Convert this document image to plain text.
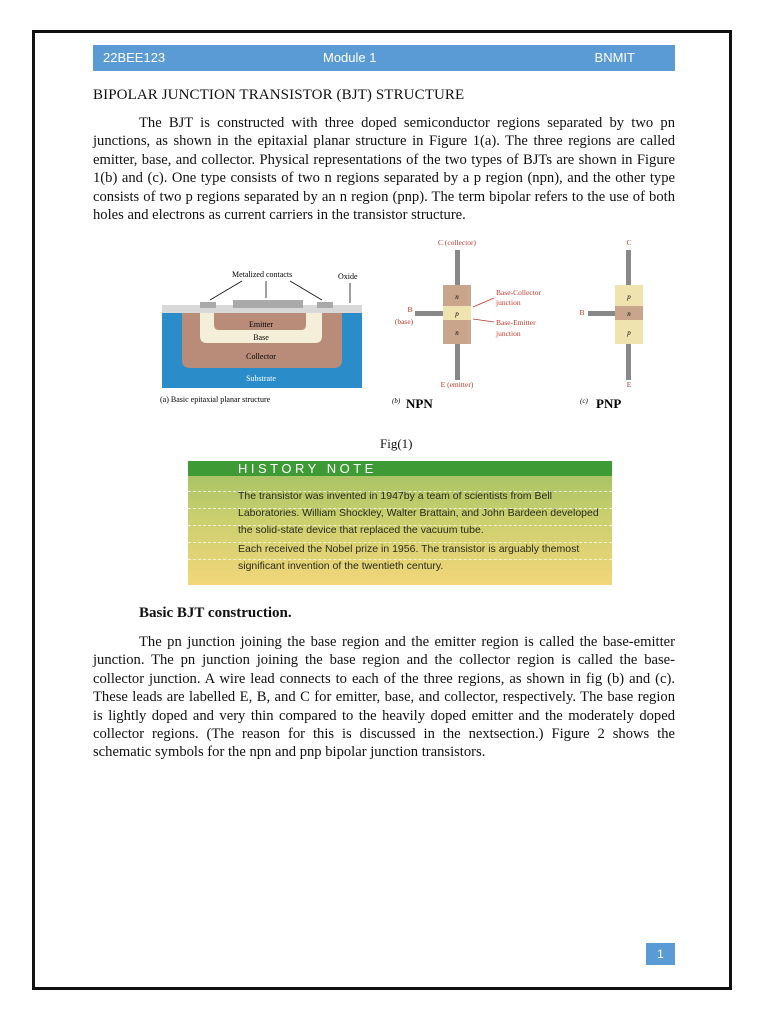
22BEE123	Module 1	BNMIT
BIPOLAR JUNCTION TRANSISTOR (BJT) STRUCTURE

The BJT is constructed with three doped semiconductor regions separated by two pn junctions, as shown in the epitaxial planar structure in Figure 1(a). The three regions are called emitter, base, and collector. Physical representations of the two types of BJTs are shown in Figure 1(b) and (c). One type consists of two n regions separated by a p region (npn), and the other type consists of two p regions separated by an n region (pnp). The term bipolar refers to the use of both holes and electrons as current carriers in the transistor structure.

Metalized contacts	Oxide
Emitter
Base
Collector
Substrate
(a) Basic epitaxial planar structure
n
p
n
C (collector)
E (emitter)
B
(base)
Base-Collector
junction
Base-Emitter
junction
(b) NPN
p
n
p
C
E
B
(c) PNP
Fig(1)
HISTORY NOTE

The transistor was invented in 1947by a team of scientists from Bell Laboratories. William Shockley, Walter Brattain, and John Bardeen developed the solid-state device that replaced the vacuum tube.

Each received the Nobel prize in 1956. The transistor is arguably themost significant invention of the twentieth century.

Basic BJT construction.

The pn junction joining the base region and the emitter region is called the base-emitter junction. The pn junction joining the base region and the collector region is called the base-collector junction. A wire lead connects to each of the three regions, as shown in fig (b) and (c). These leads are labelled E, B, and C for emitter, base, and collector, respectively. The base region is lightly doped and very thin compared to the heavily doped emitter and the moderately doped collector regions. (The reason for this is discussed in the nextsection.) Figure 2 shows the schematic symbols for the npn and pnp bipolar junction transistors.

1
